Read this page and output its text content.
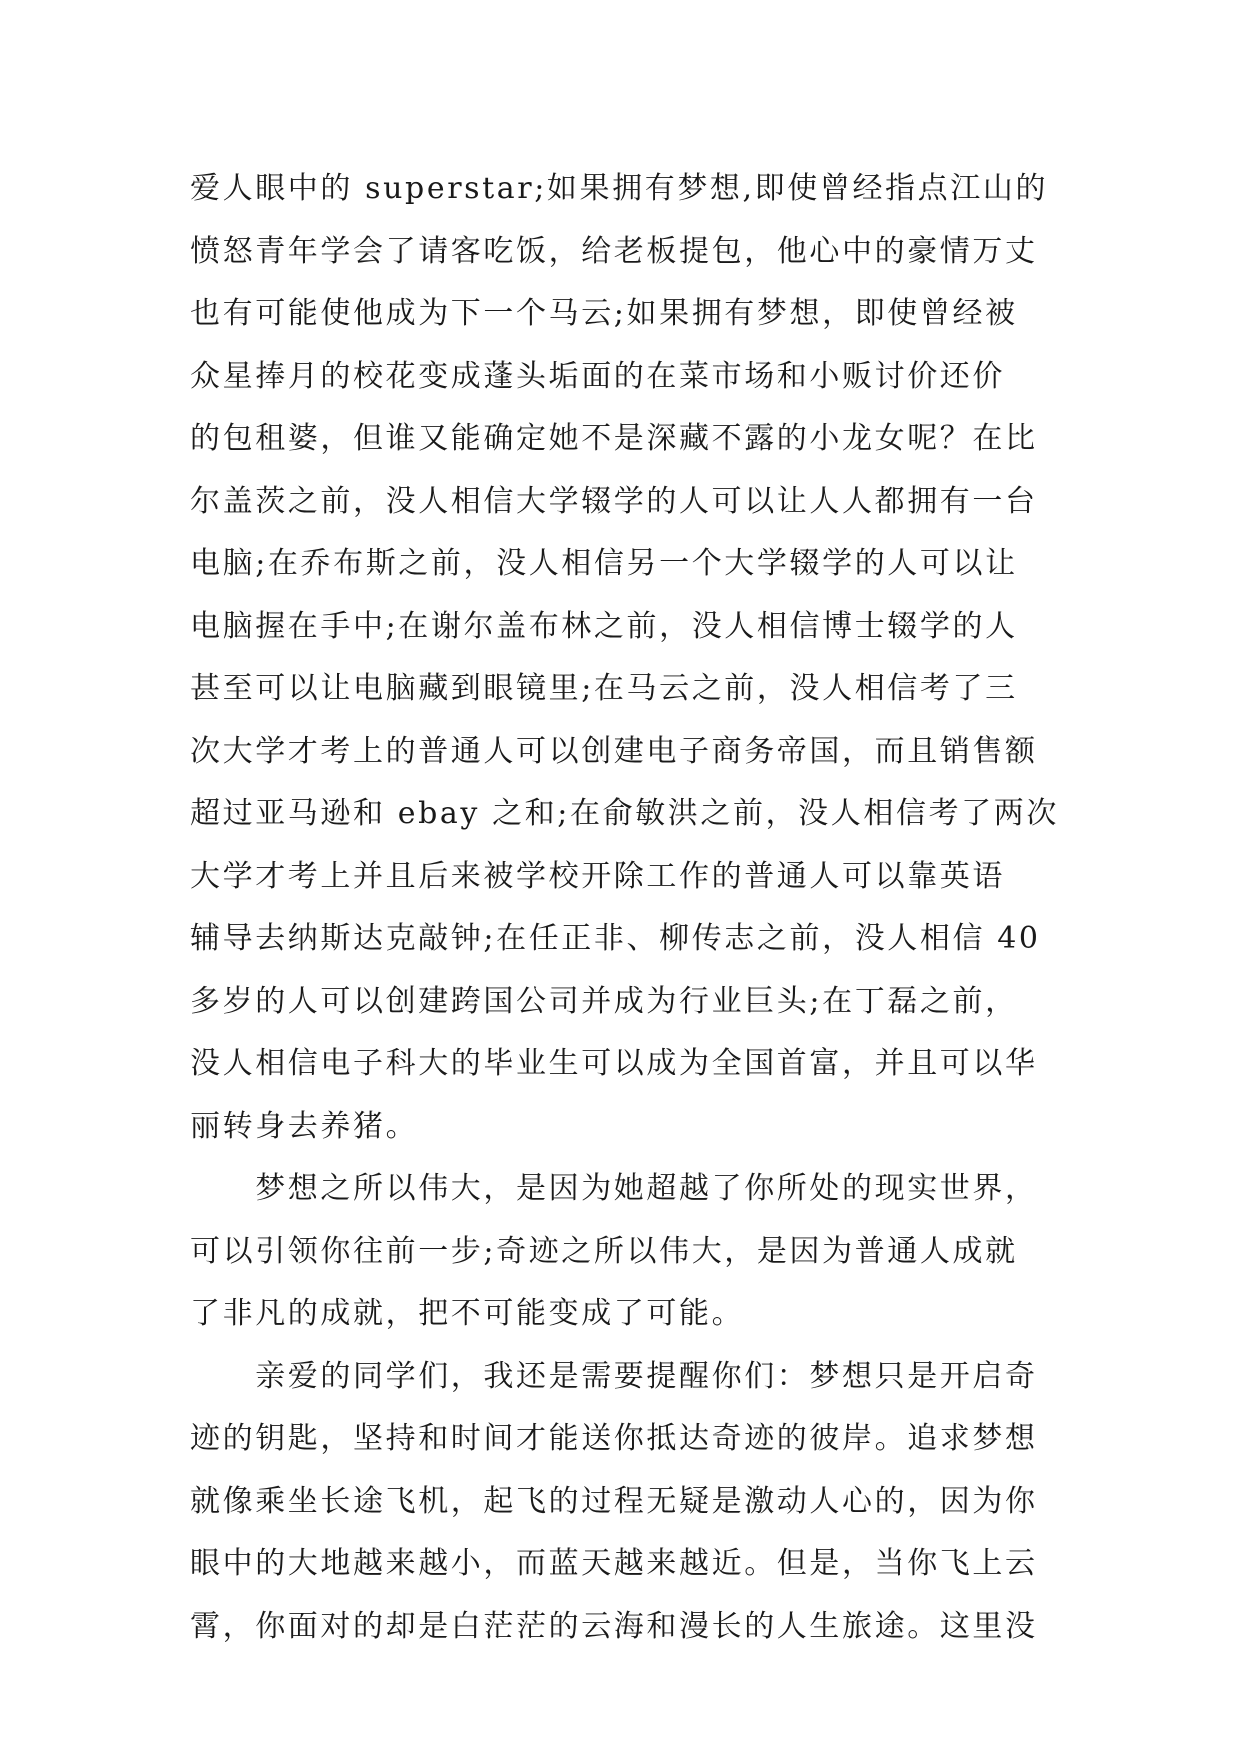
爱人眼中的 superstar;如果拥有梦想,即使曾经指点江山的
愤怒青年学会了请客吃饭，给老板提包，他心中的豪情万丈
也有可能使他成为下一个马云;如果拥有梦想，即使曾经被
众星捧月的校花变成蓬头垢面的在菜市场和小贩讨价还价
的包租婆，但谁又能确定她不是深藏不露的小龙女呢？在比
尔盖茨之前，没人相信大学辍学的人可以让人人都拥有一台
电脑;在乔布斯之前，没人相信另一个大学辍学的人可以让
电脑握在手中;在谢尔盖布林之前，没人相信博士辍学的人
甚至可以让电脑藏到眼镜里;在马云之前，没人相信考了三
次大学才考上的普通人可以创建电子商务帝国，而且销售额
超过亚马逊和 ebay 之和;在俞敏洪之前，没人相信考了两次
大学才考上并且后来被学校开除工作的普通人可以靠英语
辅导去纳斯达克敲钟;在任正非、柳传志之前，没人相信 40
多岁的人可以创建跨国公司并成为行业巨头;在丁磊之前，
没人相信电子科大的毕业生可以成为全国首富，并且可以华
丽转身去养猪。
　　梦想之所以伟大，是因为她超越了你所处的现实世界，
可以引领你往前一步;奇迹之所以伟大，是因为普通人成就
了非凡的成就，把不可能变成了可能。
　　亲爱的同学们，我还是需要提醒你们：梦想只是开启奇
迹的钥匙，坚持和时间才能送你抵达奇迹的彼岸。追求梦想
就像乘坐长途飞机，起飞的过程无疑是激动人心的，因为你
眼中的大地越来越小，而蓝天越来越近。但是，当你飞上云
霄，你面对的却是白茫茫的云海和漫长的人生旅途。这里没
